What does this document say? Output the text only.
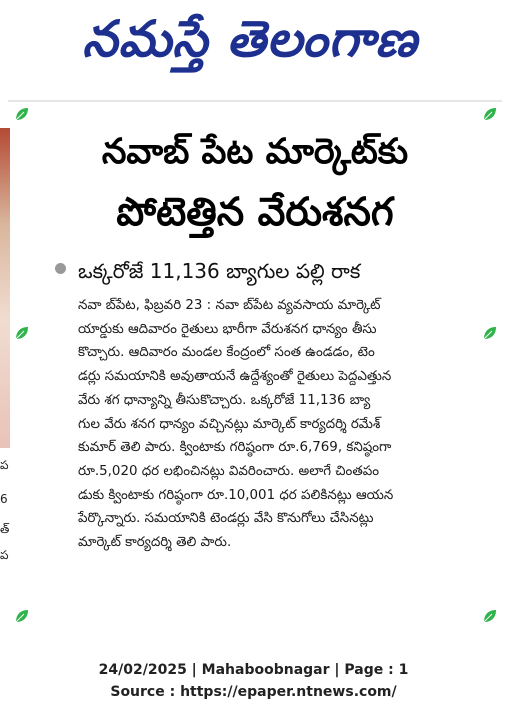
నమస్తే తెలంగాణ
ప
6
త్
ప
నవాబ్ పేట మార్కెట్‌కు
పోటెత్తిన వేరుశనగ
ఒక్కరోజే 11,136 బ్యాగుల పల్లి రాక

నవా బ్‌పేట, ఫిబ్రవరి 23 : నవా బ్‌పేట వ్యవసాయ మార్కెట్

యార్డుకు ఆదివారం రైతులు భారీగా వేరుశనగ ధాన్యం తీసు

కొచ్చారు. ఆదివారం మండల కేంద్రంలో సంత ఉండడం, టెం

డర్లు సమయానికి అవుతాయనే ఉద్దేశ్యంతో రైతులు పెద్దఎత్తున

వేరు శగ ధాన్యాన్ని తీసుకొచ్చారు. ఒక్కరోజే 11,136 బ్యా

గుల వేరు శనగ ధాన్యం వచ్చినట్లు మార్కెట్ కార్యదర్శి రమేశ్

కుమార్ తెలి పారు. క్వింటాకు గరిష్ఠంగా రూ.6,769, కనిష్ఠంగా

రూ.5,020 ధర లభించినట్లు వివరించారు. అలాగే చింతపం

డుకు క్వింటాకు గరిష్ఠంగా రూ.10,001 ధర పలికినట్లు ఆయన

పేర్కొన్నారు. సమయానికి టెండర్లు వేసి కొనుగోలు చేసినట్లు

మార్కెట్ కార్యదర్శి తెలి పారు.

24/02/2025 | Mahaboobnagar | Page : 1
Source : https://epaper.ntnews.com/
